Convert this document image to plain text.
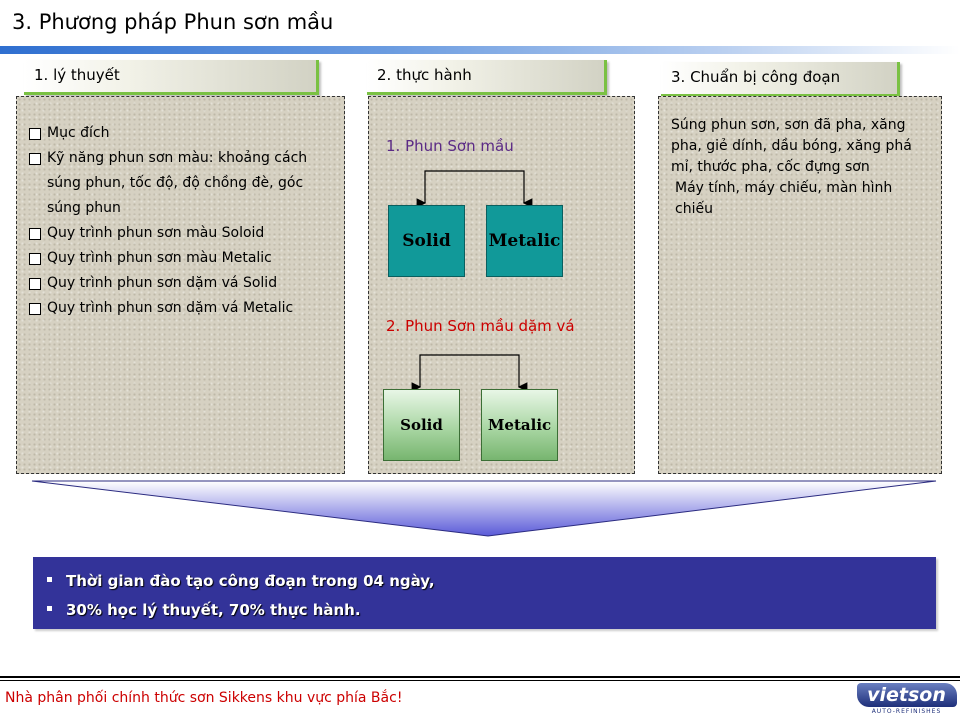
3. Phương pháp Phun sơn mầu
1. lý thuyết	2. thực hành	3. Chuẩn bị công đoạn
Mục đích
Kỹ năng phun sơn màu: khoảng cách súng phun, tốc độ, độ chồng đè, góc súng phun
Quy trình phun sơn màu Soloid
Quy trình phun sơn màu Metalic
Quy trình phun sơn dặm vá Solid
Quy trình phun sơn dặm vá Metalic
1. Phun Sơn mầu
Solid	Metalic
2. Phun Sơn mầu dặm vá
Solid	Metalic
Súng phun sơn, sơn đã pha, xăng pha, giẻ dính, dầu bóng, xăng phá mỉ, thước pha, cốc đựng sơn
Máy tính, máy chiếu, màn hình chiếu
Thời gian đào tạo công đoạn trong 04 ngày,
30% học lý thuyết, 70% thực hành.
Nhà phân phối chính thức sơn Sikkens khu vực phía Bắc!	vietson
AUTO-REFINISHES
